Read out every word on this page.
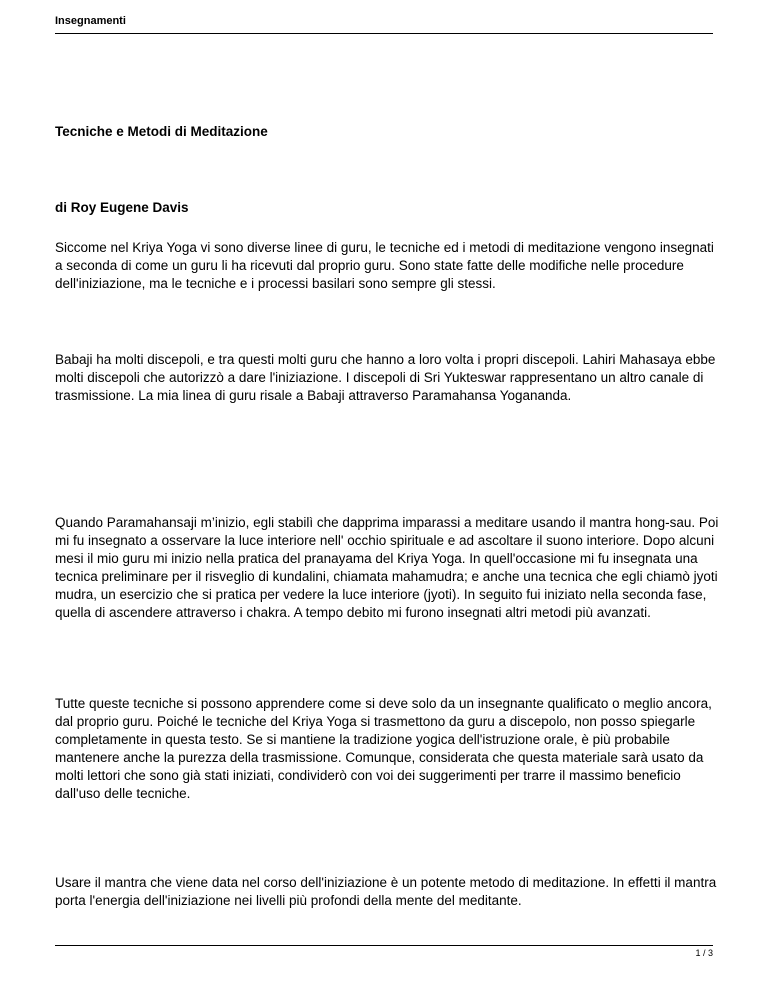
Insegnamenti
Tecniche e Metodi di Meditazione
di Roy Eugene Davis

Siccome nel Kriya Yoga vi sono diverse linee di guru, le tecniche ed i metodi di meditazione vengono insegnati a seconda di come un guru li ha ricevuti dal proprio guru. Sono state fatte delle modifiche nelle procedure dell'iniziazione, ma le tecniche e i processi basilari sono sempre gli stessi.

Babaji ha molti discepoli, e tra questi molti guru che hanno a loro volta i propri discepoli. Lahiri Mahasaya ebbe molti discepoli che autorizzò a dare l'iniziazione. I discepoli di Sri Yukteswar rappresentano un altro canale di trasmissione. La mia linea di guru risale a Babaji attraverso Paramahansa Yogananda.

Quando Paramahansaji m’inizio, egli stabilì che dapprima imparassi a meditare usando il mantra hong-sau. Poi mi fu insegnato a osservare la luce interiore nell' occhio spirituale e ad ascoltare il suono interiore. Dopo alcuni mesi il mio guru mi inizio nella pratica del pranayama del Kriya Yoga. In quell'occasione mi fu insegnata una tecnica preliminare per il risveglio di kundalini, chiamata mahamudra; e anche una tecnica che egli chiamò jyoti mudra, un esercizio che si pratica per vedere la luce interiore (jyoti). In seguito fui iniziato nella seconda fase, quella di ascendere attraverso i chakra. A tempo debito mi furono insegnati altri metodi più avanzati.

Tutte queste tecniche si possono apprendere come si deve solo da un insegnante qualificato o meglio ancora, dal proprio guru. Poiché le tecniche del Kriya Yoga si trasmettono da guru a discepolo, non posso spiegarle completamente in questa testo. Se si mantiene la tradizione yogica dell'istruzione orale, è più probabile mantenere anche la purezza della trasmissione. Comunque, considerata che questa materiale sarà usato da molti lettori che sono già stati iniziati, condividerò con voi dei suggerimenti per trarre il massimo beneficio dall'uso delle tecniche.

Usare il mantra che viene data nel corso dell'iniziazione è un potente metodo di meditazione. In effetti il mantra porta l'energia dell'iniziazione nei livelli più profondi della mente del meditante.

1 / 3
